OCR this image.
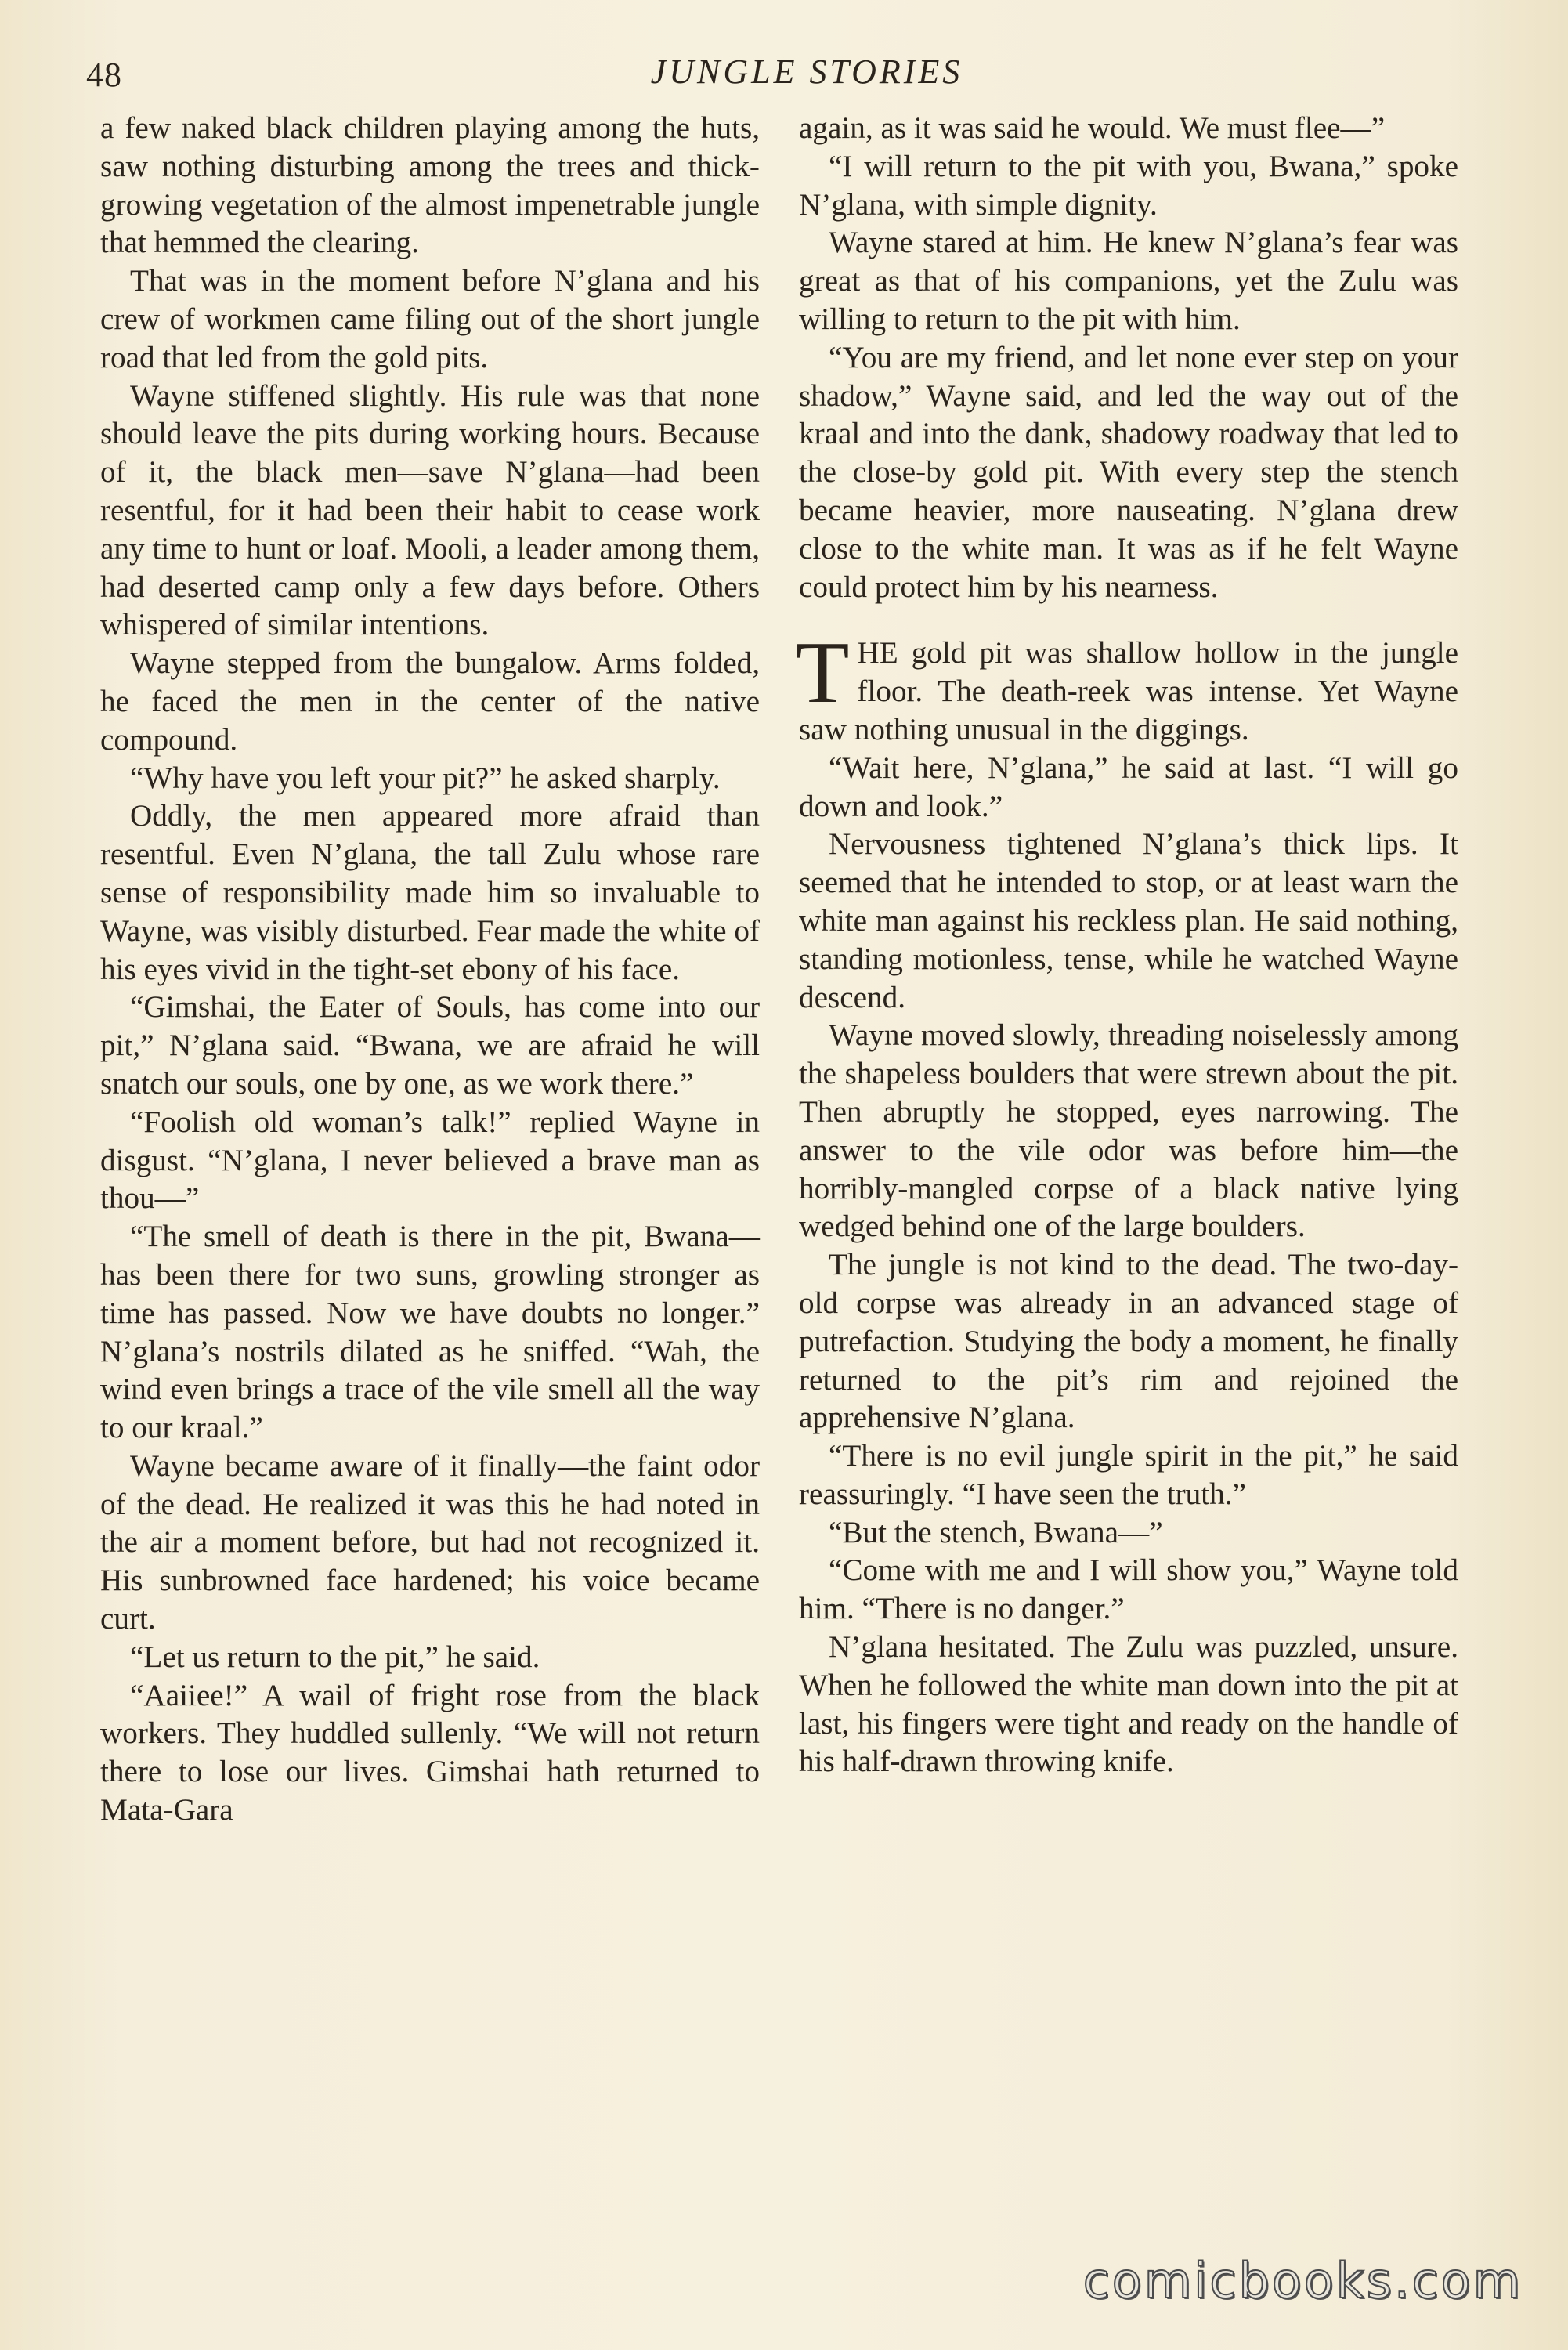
48	JUNGLE STORIES

a few naked black children playing among the huts, saw nothing disturbing among the trees and thick-growing vegetation of the almost impenetrable jungle that hemmed the clearing.

That was in the moment before N’glana and his crew of workmen came filing out of the short jungle road that led from the gold pits.

Wayne stiffened slightly. His rule was that none should leave the pits during working hours. Because of it, the black men—save N’glana—had been resentful, for it had been their habit to cease work any time to hunt or loaf. Mooli, a leader among them, had deserted camp only a few days before. Others whispered of similar intentions.

Wayne stepped from the bungalow. Arms folded, he faced the men in the center of the native compound.

“Why have you left your pit?” he asked sharply.

Oddly, the men appeared more afraid than resentful. Even N’glana, the tall Zulu whose rare sense of responsibility made him so invaluable to Wayne, was visibly disturbed. Fear made the white of his eyes vivid in the tight-set ebony of his face.

“Gimshai, the Eater of Souls, has come into our pit,” N’glana said. “Bwana, we are afraid he will snatch our souls, one by one, as we work there.”

“Foolish old woman’s talk!” replied Wayne in disgust. “N’glana, I never believed a brave man as thou—”

“The smell of death is there in the pit, Bwana— has been there for two suns, growling stronger as time has passed. Now we have doubts no longer.” N’glana’s nostrils dilated as he sniffed. “Wah, the wind even brings a trace of the vile smell all the way to our kraal.”

Wayne became aware of it finally—the faint odor of the dead. He realized it was this he had noted in the air a moment before, but had not recognized it. His sunbrowned face hardened; his voice became curt.

“Let us return to the pit,” he said.

“Aaiiee!” A wail of fright rose from the black workers. They huddled sullenly. “We will not return there to lose our lives. Gimshai hath returned to Mata-Gara

again, as it was said he would. We must flee—”

“I will return to the pit with you, Bwana,” spoke N’glana, with simple dignity.

Wayne stared at him. He knew N’glana’s fear was great as that of his companions, yet the Zulu was willing to return to the pit with him.

“You are my friend, and let none ever step on your shadow,” Wayne said, and led the way out of the kraal and into the dank, shadowy roadway that led to the close-by gold pit. With every step the stench became heavier, more nauseating. N’glana drew close to the white man. It was as if he felt Wayne could protect him by his nearness.

THE gold pit was shallow hollow in the jungle floor. The death-reek was intense. Yet Wayne saw nothing unusual in the diggings.

“Wait here, N’glana,” he said at last. “I will go down and look.”

Nervousness tightened N’glana’s thick lips. It seemed that he intended to stop, or at least warn the white man against his reckless plan. He said nothing, standing motionless, tense, while he watched Wayne descend.

Wayne moved slowly, threading noiselessly among the shapeless boulders that were strewn about the pit. Then abruptly he stopped, eyes narrowing. The answer to the vile odor was before him—the horribly-mangled corpse of a black native lying wedged behind one of the large boulders.

The jungle is not kind to the dead. The two-day-old corpse was already in an advanced stage of putrefaction. Studying the body a moment, he finally returned to the pit’s rim and rejoined the apprehensive N’glana.

“There is no evil jungle spirit in the pit,” he said reassuringly. “I have seen the truth.”

“But the stench, Bwana—”

“Come with me and I will show you,” Wayne told him. “There is no danger.”

N’glana hesitated. The Zulu was puzzled, unsure. When he followed the white man down into the pit at last, his fingers were tight and ready on the handle of his half-drawn throwing knife.

comicbooks.com
